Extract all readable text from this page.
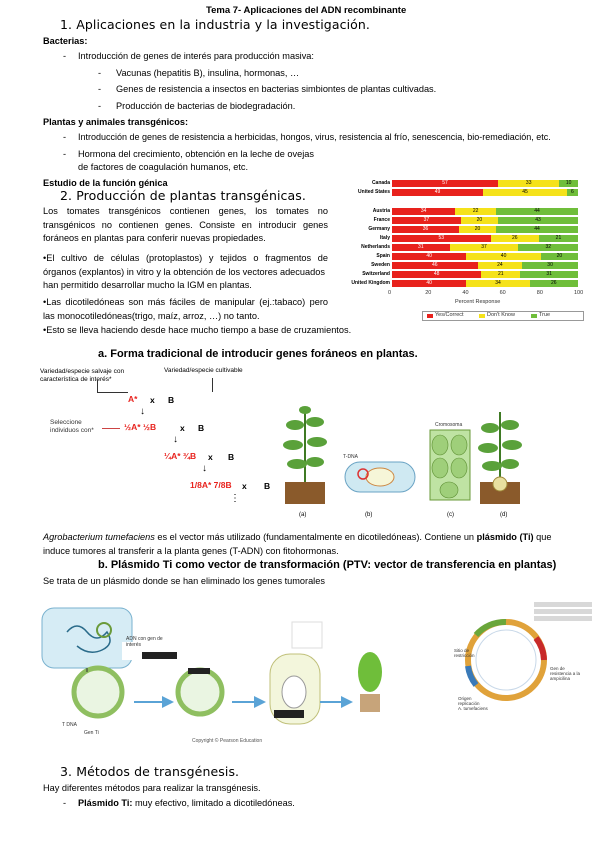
Tema 7- Aplicaciones del ADN recombinante
1. Aplicaciones en la industria y la investigación.
Bacterias:
- Introducción de genes de interés para producción masiva:
- Vacunas (hepatitis B), insulina, hormonas, …
- Genes de resistencia a insectos en bacterias simbiontes de plantas cultivadas.
- Producción de bacterias de biodegradación.
Plantas y animales transgénicos:
- Introducción de genes de resistencia a herbicidas, hongos, virus, resistencia al frío, senescencia, bio-remediación, etc.
- Hormona del crecimiento, obtención en la leche de ovejas
de factores de coagulación humanos, etc.
Estudio de la función génica
2. Producción de plantas transgénicas.
Los tomates transgénicos contienen genes, los tomates no
transgénicos no contienen genes. Consiste en introducir genes
foráneos en plantas para conferir nuevas propiedades.
•El cultivo de células (protoplastos) y tejidos o fragmentos de
órganos (explantos) in vitro y la obtención de los vectores adecuados
han permitido desarrollar mucho la IGM en plantas.
•Las dicotiledóneas son más fáciles de manipular (ej.:tabaco) pero
las monocotiledóneas(trigo, maíz, arroz, …) no tanto.
•Esto se lleva haciendo desde hace mucho tiempo a base de cruzamientos.
Canada	57	33	10
United States	49	45	6
Austria	34	22	44
France	37	20	43
Germany	36	20	44
Italy	53	26	21
Netherlands	31	37	32
Spain	40	40	20
Sweden	46	24	30
Switzerland	48	21	31
United Kingdom	40	34	26
0	20	40	60	80	100
Percent Response
Yes/Correct	Don't Know	True
a. Forma tradicional de introducir genes foráneos en plantas.
Variedad/especie salvaje con
característica de interés*
Variedad/especie cultivable
A* x B
Seleccione
individuos con*
↓
½A* ½B	x B
↓
¼A* ¾B x B
↓
1/8A* 7/8B x B
⋮
(a)
T-DNA
(b)
Cromosoma
(c)	(d)
Agrobacterium tumefaciens es el vector más utilizado (fundamentalmente en dicotiledóneas). Contiene un plásmido (Ti) que
induce tumores al transferir a la planta genes (T-ADN) con fitohormonas.
b. Plásmido Ti como vector de transformación (PTV: vector de transferencia en plantas)
Se trata de un plásmido donde se han eliminado los genes tumorales
T DNA
Gen Ti
ADN con gen de
interés
Copyright © Pearson Education
Sitio de
restricción
Origen
replicación
A. tumefaciens
Gen de
resistencia a la
ampicilina
3. Métodos de transgénesis.
Hay diferentes métodos para realizar la transgénesis.
- Plásmido Ti: muy efectivo, limitado a dicotiledóneas.
